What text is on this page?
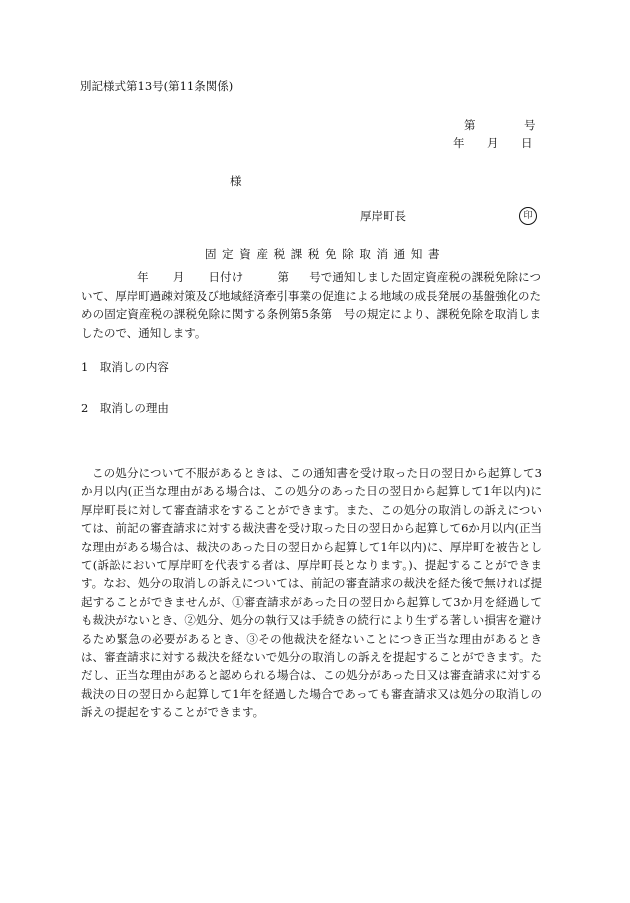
別記様式第13号(第11条関係)
第	号
年 月 日
様
厚岸町長	印
固 定 資 産 税 課 税 免 除 取 消 通 知 書
年 月 日付け	第 号で通知しました固定資産税の課税免除について、厚岸町過疎対策及び地域経済牽引事業の促進による地域の成長発展の基盤強化のための固定資産税の課税免除に関する条例第5条第　号の規定により、課税免除を取消しましたので、通知します。
1　取消しの内容
2　取消しの理由
この処分について不服があるときは、この通知書を受け取った日の翌日から起算して3か月以内(正当な理由がある場合は、この処分のあった日の翌日から起算して1年以内)に厚岸町長に対して審査請求をすることができます。また、この処分の取消しの訴えについては、前記の審査請求に対する裁決書を受け取った日の翌日から起算して6か月以内(正当な理由がある場合は、裁決のあった日の翌日から起算して1年以内)に、厚岸町を被告として(訴訟において厚岸町を代表する者は、厚岸町長となります。)、提起することができます。なお、処分の取消しの訴えについては、前記の審査請求の裁決を経た後で無ければ提起することができませんが、①審査請求があった日の翌日から起算して3か月を経過しても裁決がないとき、②処分、処分の執行又は手続きの続行により生ずる著しい損害を避けるため緊急の必要があるとき、③その他裁決を経ないことにつき正当な理由があるときは、審査請求に対する裁決を経ないで処分の取消しの訴えを提起することができます。ただし、正当な理由があると認められる場合は、この処分があった日又は審査請求に対する裁決の日の翌日から起算して1年を経過した場合であっても審査請求又は処分の取消しの訴えの提起をすることができます。
